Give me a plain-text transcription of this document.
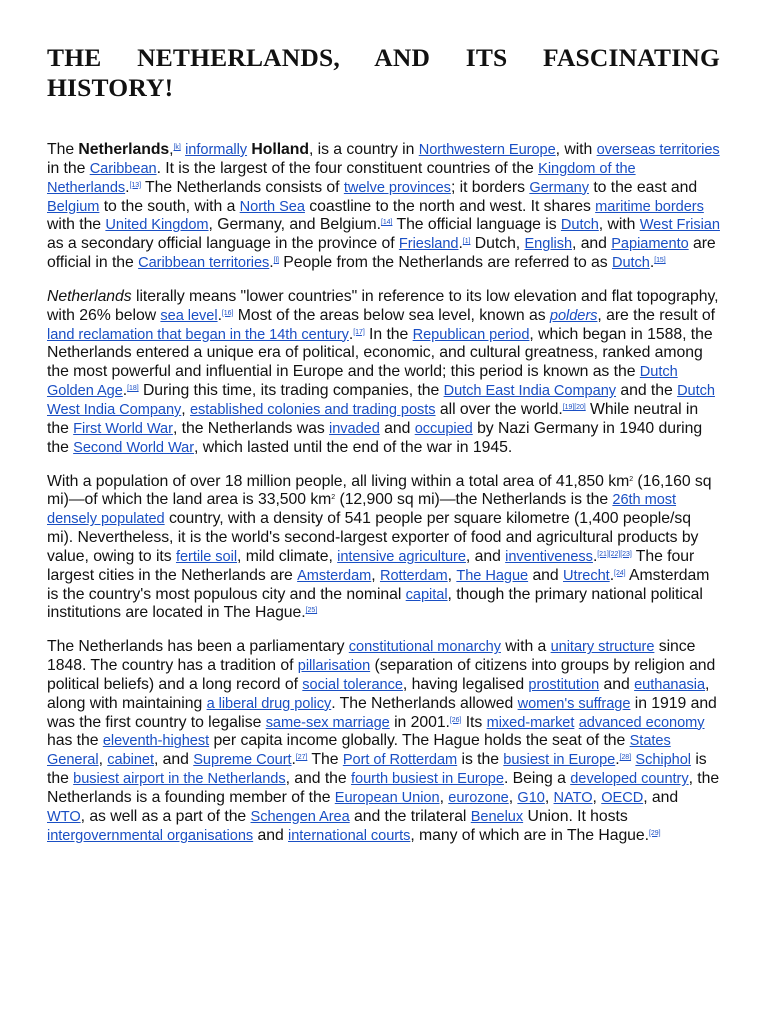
THE NETHERLANDS, AND ITS FASCINATING HISTORY!

The Netherlands,[k] informally Holland, is a country in Northwestern Europe, with overseas territories in the Caribbean. It is the largest of the four constituent countries of the Kingdom of the Netherlands.[13] The Netherlands consists of twelve provinces; it borders Germany to the east and Belgium to the south, with a North Sea coastline to the north and west. It shares maritime borders with the United Kingdom, Germany, and Belgium.[14] The official language is Dutch, with West Frisian as a secondary official language in the province of Friesland.[1] Dutch, English, and Papiamento are official in the Caribbean territories.[l] People from the Netherlands are referred to as Dutch.[15]

Netherlands literally means "lower countries" in reference to its low elevation and flat topography, with 26% below sea level.[16] Most of the areas below sea level, known as polders, are the result of land reclamation that began in the 14th century.[17] In the Republican period, which began in 1588, the Netherlands entered a unique era of political, economic, and cultural greatness, ranked among the most powerful and influential in Europe and the world; this period is known as the Dutch Golden Age.[18] During this time, its trading companies, the Dutch East India Company and the Dutch West India Company, established colonies and trading posts all over the world.[19][20] While neutral in the First World War, the Netherlands was invaded and occupied by Nazi Germany in 1940 during the Second World War, which lasted until the end of the war in 1945.

With a population of over 18 million people, all living within a total area of 41,850 $km^2$ (16,160 sq mi)—of which the land area is 33,500 $km^2$ (12,900 sq mi)—the Netherlands is the 26th most densely populated country, with a density of 541 people per square kilometre (1,400 people/sq mi). Nevertheless, it is the world's second-largest exporter of food and agricultural products by value, owing to its fertile soil, mild climate, intensive agriculture, and inventiveness.[21][22][23] The four largest cities in the Netherlands are Amsterdam, Rotterdam, The Hague and Utrecht.[24] Amsterdam is the country's most populous city and the nominal capital, though the primary national political institutions are located in The Hague.[25]

The Netherlands has been a parliamentary constitutional monarchy with a unitary structure since 1848. The country has a tradition of pillarisation (separation of citizens into groups by religion and political beliefs) and a long record of social tolerance, having legalised prostitution and euthanasia, along with maintaining a liberal drug policy. The Netherlands allowed women's suffrage in 1919 and was the first country to legalise same-sex marriage in 2001.[26] Its mixed-market advanced economy has the eleventh-highest per capita income globally. The Hague holds the seat of the States General, cabinet, and Supreme Court.[27] The Port of Rotterdam is the busiest in Europe.[28] Schiphol is the busiest airport in the Netherlands, and the fourth busiest in Europe. Being a developed country, the Netherlands is a founding member of the European Union, eurozone, G10, NATO, OECD, and WTO, as well as a part of the Schengen Area and the trilateral Benelux Union. It hosts intergovernmental organisations and international courts, many of which are in The Hague.[29]
